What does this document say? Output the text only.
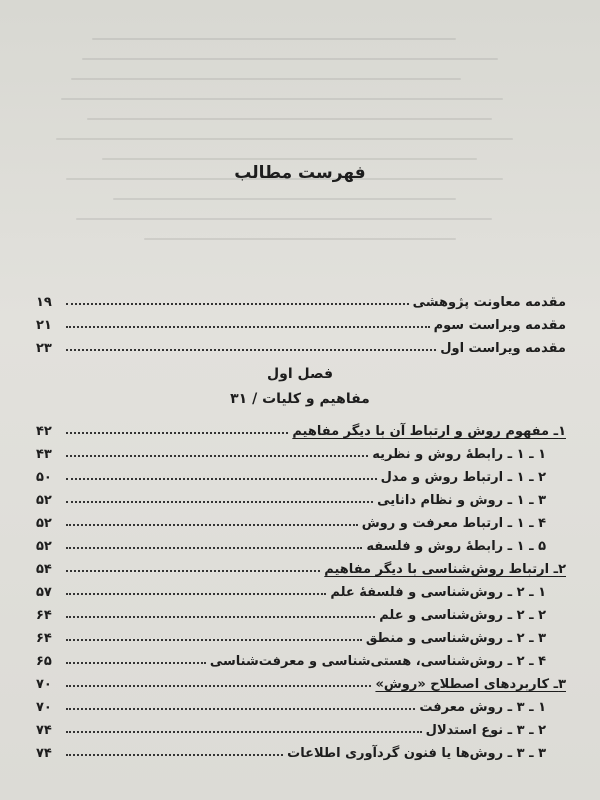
فهرست مطالب
مقدمه معاونت پژوهشی
۱۹
مقدمه ویراست سوم
۲۱
مقدمه ویراست اول
۲۳
فصل اول
مفاهیم و کلیات / ۳۱
۱ـ مفهوم روش و ارتباط آن با دیگر مفاهیم
۴۲
۱ ـ ۱ ـ رابطهٔ روش و نظریه
۴۳
۲ ـ ۱ ـ ارتباط روش و مدل
۵۰
۳ ـ ۱ ـ روش و نظام دانایی
۵۲
۴ ـ ۱ ـ ارتباط معرفت و روش
۵۲
۵ ـ ۱ ـ رابطهٔ روش و فلسفه
۵۲
۲ـ ارتباط روش‌شناسی با دیگر مفاهیم
۵۴
۱ ـ ۲ ـ روش‌شناسی و فلسفهٔ علم
۵۷
۲ ـ ۲ ـ روش‌شناسی و علم
۶۴
۳ ـ ۲ ـ روش‌شناسی و منطق
۶۴
۴ ـ ۲ ـ روش‌شناسی، هستی‌شناسی و معرفت‌شناسی
۶۵
۳ـ کاربردهای اصطلاح «روش»
۷۰
۱ ـ ۳ ـ روش معرفت
۷۰
۲ ـ ۳ ـ نوع استدلال
۷۴
۳ ـ ۳ ـ روش‌ها یا فنون گردآوری اطلاعات
۷۴
